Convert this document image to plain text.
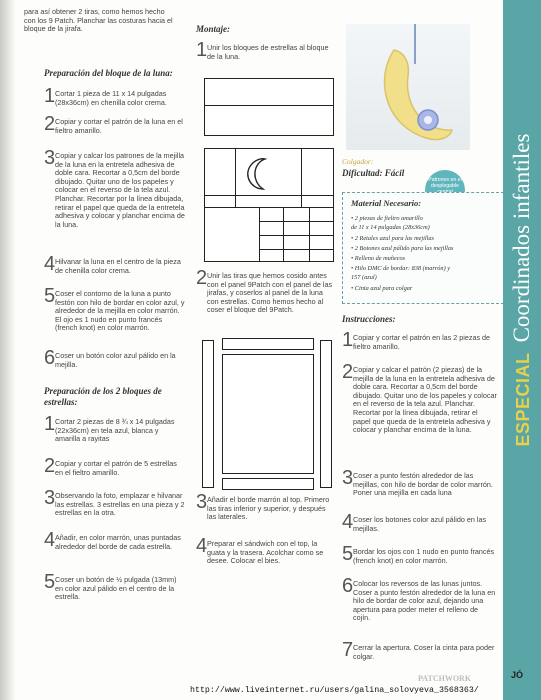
para así obtener 2 tiras, como hemos hecho con los 9 Patch. Planchar las costuras hacia el bloque de la jirafa.
Preparación del bloque de la luna:
1 Cortar 1 pieza de 11 x 14 pulgadas (28x36cm) en chenilla color crema.
2 Copiar y cortar el patrón de la luna en el fieltro amarillo.
3 Copiar y calcar los patrones de la mejilla de la luna en la entretela adhesiva de doble cara. Recortar a 0,5cm del borde dibujado. Quitar uno de los papeles y colocar en el reverso de la tela azul. Planchar. Recortar por la línea dibujada, retirar el papel que queda de la entretela adhesiva y colocar y planchar encima de la luna.
4 Hilvanar la luna en el centro de la pieza de chenilla color crema.
5 Coser el contorno de la luna a punto festón con hilo de bordar en color azul, y alrededor de la mejilla en color marrón. El ojo es 1 nudo en punto francés (french knot) en color marrón.
6 Coser un botón color azul pálido en la mejilla.
Preparación de los 2 bloques de estrellas:
1 Cortar 2 piezas de 8 ¾ x 14 pulgadas (22x36cm) en tela azul, blanca y amarilla a rayitas
2 Copiar y cortar el patrón de 5 estrellas en el fieltro amarillo.
3 Observando la foto, emplazar e hilvanar las estrellas. 3 estrellas en una pieza y 2 estrellas en la otra.
4 Añadir, en color marrón, unas puntadas alrededor del borde de cada estrella.
5 Coser un botón de ½ pulgada (13mm) en color azul pálido en el centro de la estrella.
Montaje:
1 Unir los bloques de estrellas al bloque de la luna.
2 Unir las tiras que hemos cosido antes con el panel 9Patch con el panel de las jirafas, y coserlos al panel de la luna con estrellas. Como hemos hecho al coser el bloque del 9Patch.
3 Añadir el borde marrón al top. Primero las tiras inferior y superior, y después las laterales.
4 Preparar el sándwich con el top, la guata y la trasera. Acolchar como se desee. Colocar el bies.
Colgador:
Dificultad: Fácil
Patrones en el desplegable
Material Necesario:
• 2 piezas de fieltro amarillo
de 11 x 14 pulgadas (28x36cm)
• 2 Retales azul para las mejillas
• 2 Botones azul pálido para las mejillas
• Relleno de muñecos
• Hilo DMC de bordar: 838 (marrón) y
157 (azul)
• Cinta azul para colgar
Instrucciones:
1 Copiar y cortar el patrón en las 2 piezas de fieltro amarillo.
2 Copiar y calcar el patrón (2 piezas) de la mejilla de la luna en la entretela adhesiva de doble cara. Recortar a 0,5cm del borde dibujado. Quitar uno de los papeles y colocar en el reverso de la tela azul. Planchar. Recortar por la línea dibujada, retirar el papel que queda de la entretela adhesiva y colocar y planchar encima de la luna.
3 Coser a punto festón alrededor de las mejillas, con hilo de bordar de color marrón. Poner una mejilla en cada luna
4 Coser los botones color azul pálido en las mejillas.
5 Bordar los ojos con 1 nudo en punto francés (french knot) en color marrón.
6 Colocar los reversos de las lunas juntos. Coser a punto festón alrededor de la luna en hilo de bordar de color azul, dejando una apertura para poder meter el relleno de cojín.
7 Cerrar la apertura. Coser la cinta para poder colgar.
ESPECIAL Coordinados infantiles
PATCHWORK	JÓ
http://www.liveinternet.ru/users/galina_solovyeva_3568363/
